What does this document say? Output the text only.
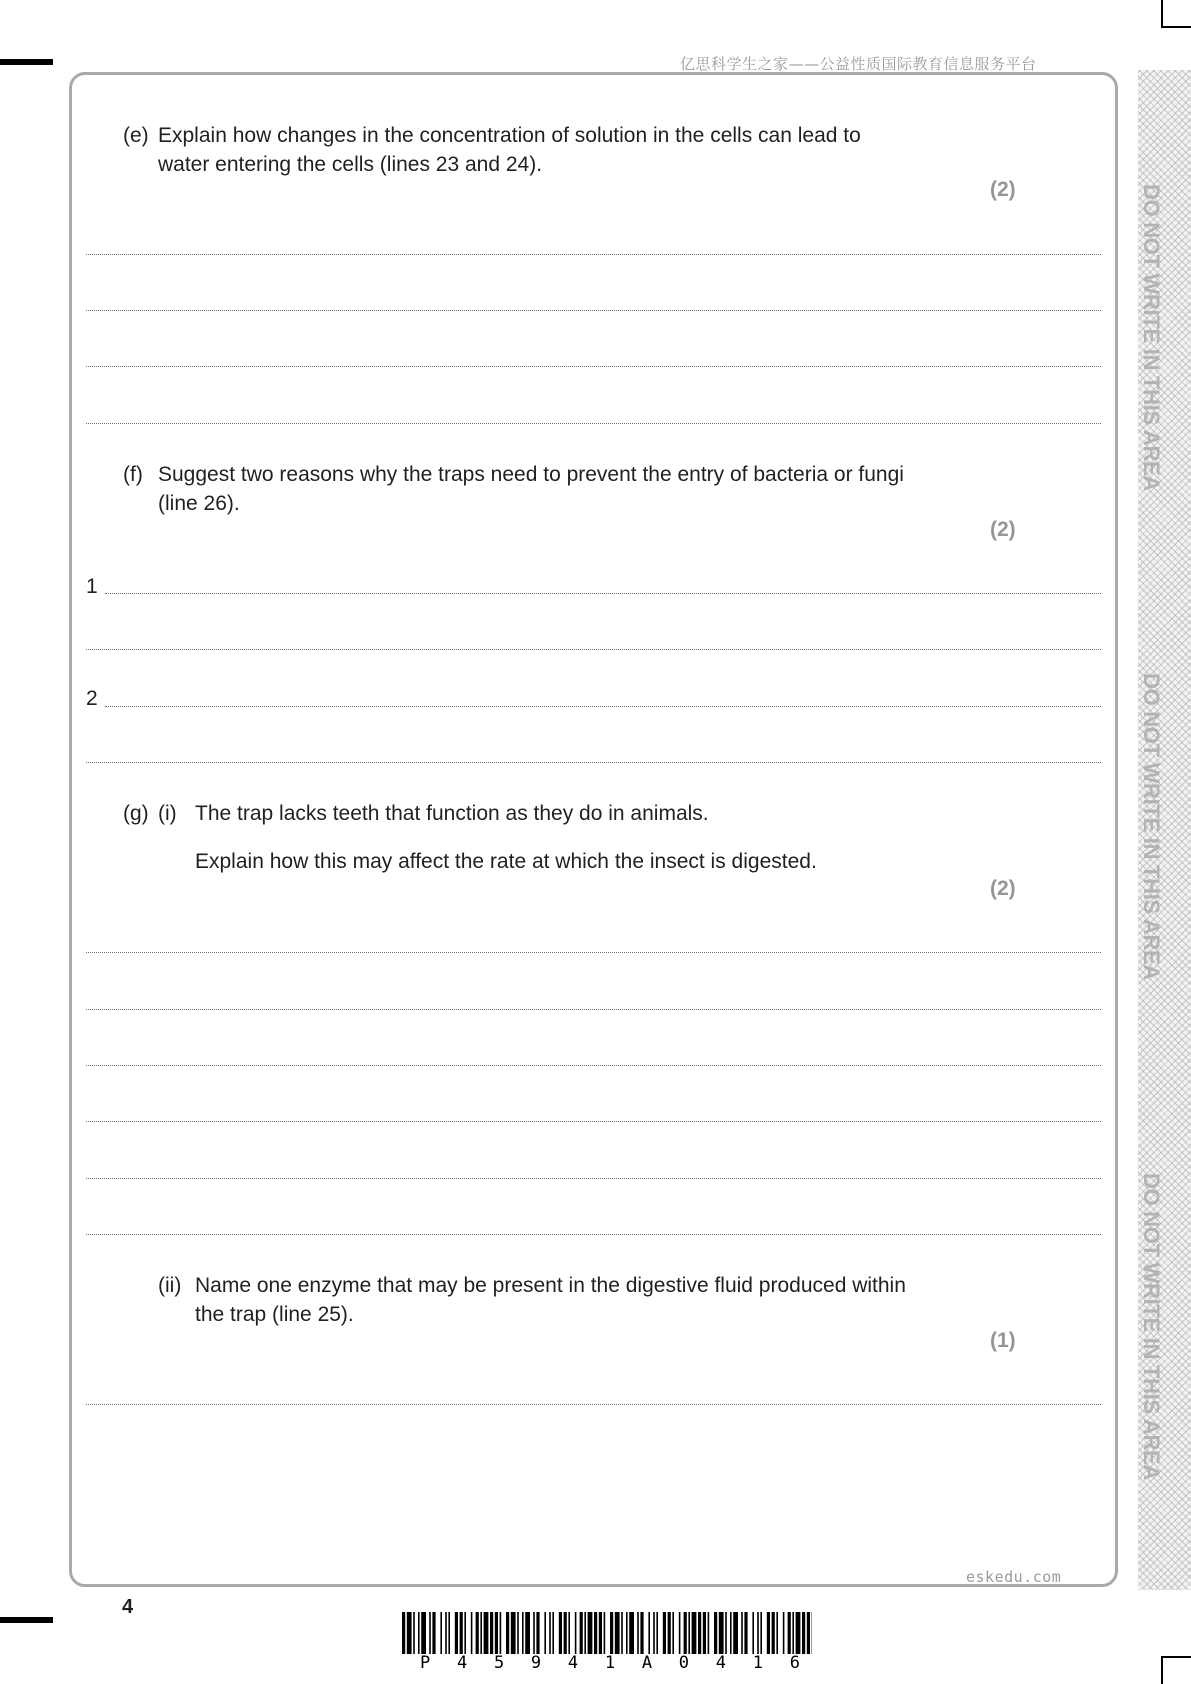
亿思科学生之家——公益性质国际教育信息服务平台
DO NOT WRITE IN THIS AREA
DO NOT WRITE IN THIS AREA
DO NOT WRITE IN THIS AREA
(e) Explain how changes in the concentration of solution in the cells can lead to
water entering the cells (lines 23 and 24).
(2)
(f) Suggest two reasons why the traps need to prevent the entry of bacteria or fungi
(line 26).
(2)
1
2
(g) (i) The trap lacks teeth that function as they do in animals.
Explain how this may affect the rate at which the insect is digested.
(2)
(ii) Name one enzyme that may be present in the digestive fluid produced within
the trap (line 25).
(1)
eskedu.com
4
P 4 5 9 4 1 A 0 4 1 6
